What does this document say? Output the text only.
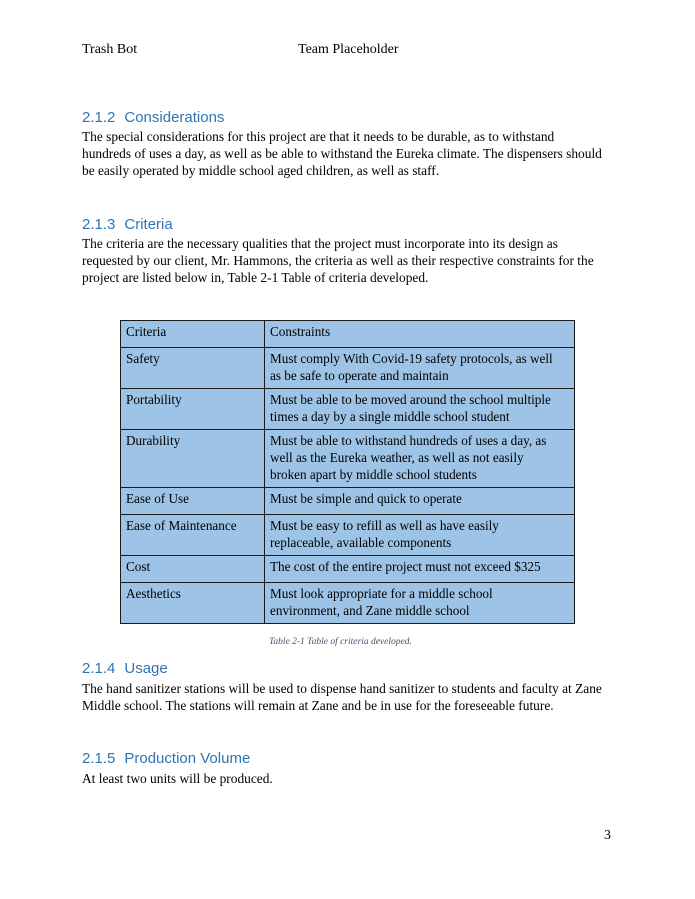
Trash Bot	Team Placeholder
2.1.2 Considerations
The special considerations for this project are that it needs to be durable, as to withstand
hundreds of uses a day, as well as be able to withstand the Eureka climate. The dispensers should
be easily operated by middle school aged children, as well as staff.
2.1.3 Criteria
The criteria are the necessary qualities that the project must incorporate into its design as
requested by our client, Mr. Hammons, the criteria as well as their respective constraints for the
project are listed below in, Table 2-1 Table of criteria developed.
Criteria	Constraints
Safety	Must comply With Covid-19 safety protocols, as well
as be safe to operate and maintain

Portability	Must be able to be moved around the school multiple
times a day by a single middle school student

Durability	Must be able to withstand hundreds of uses a day, as
well as the Eureka weather, as well as not easily
broken apart by middle school students

Ease of Use	Must be simple and quick to operate

Ease of Maintenance	Must be easy to refill as well as have easily
replaceable, available components

Cost	The cost of the entire project must not exceed $325

Aesthetics	Must look appropriate for a middle school
environment, and Zane middle school
Table 2-1 Table of criteria developed.
2.1.4 Usage
The hand sanitizer stations will be used to dispense hand sanitizer to students and faculty at Zane
Middle school. The stations will remain at Zane and be in use for the foreseeable future.
2.1.5 Production Volume
At least two units will be produced.
3
